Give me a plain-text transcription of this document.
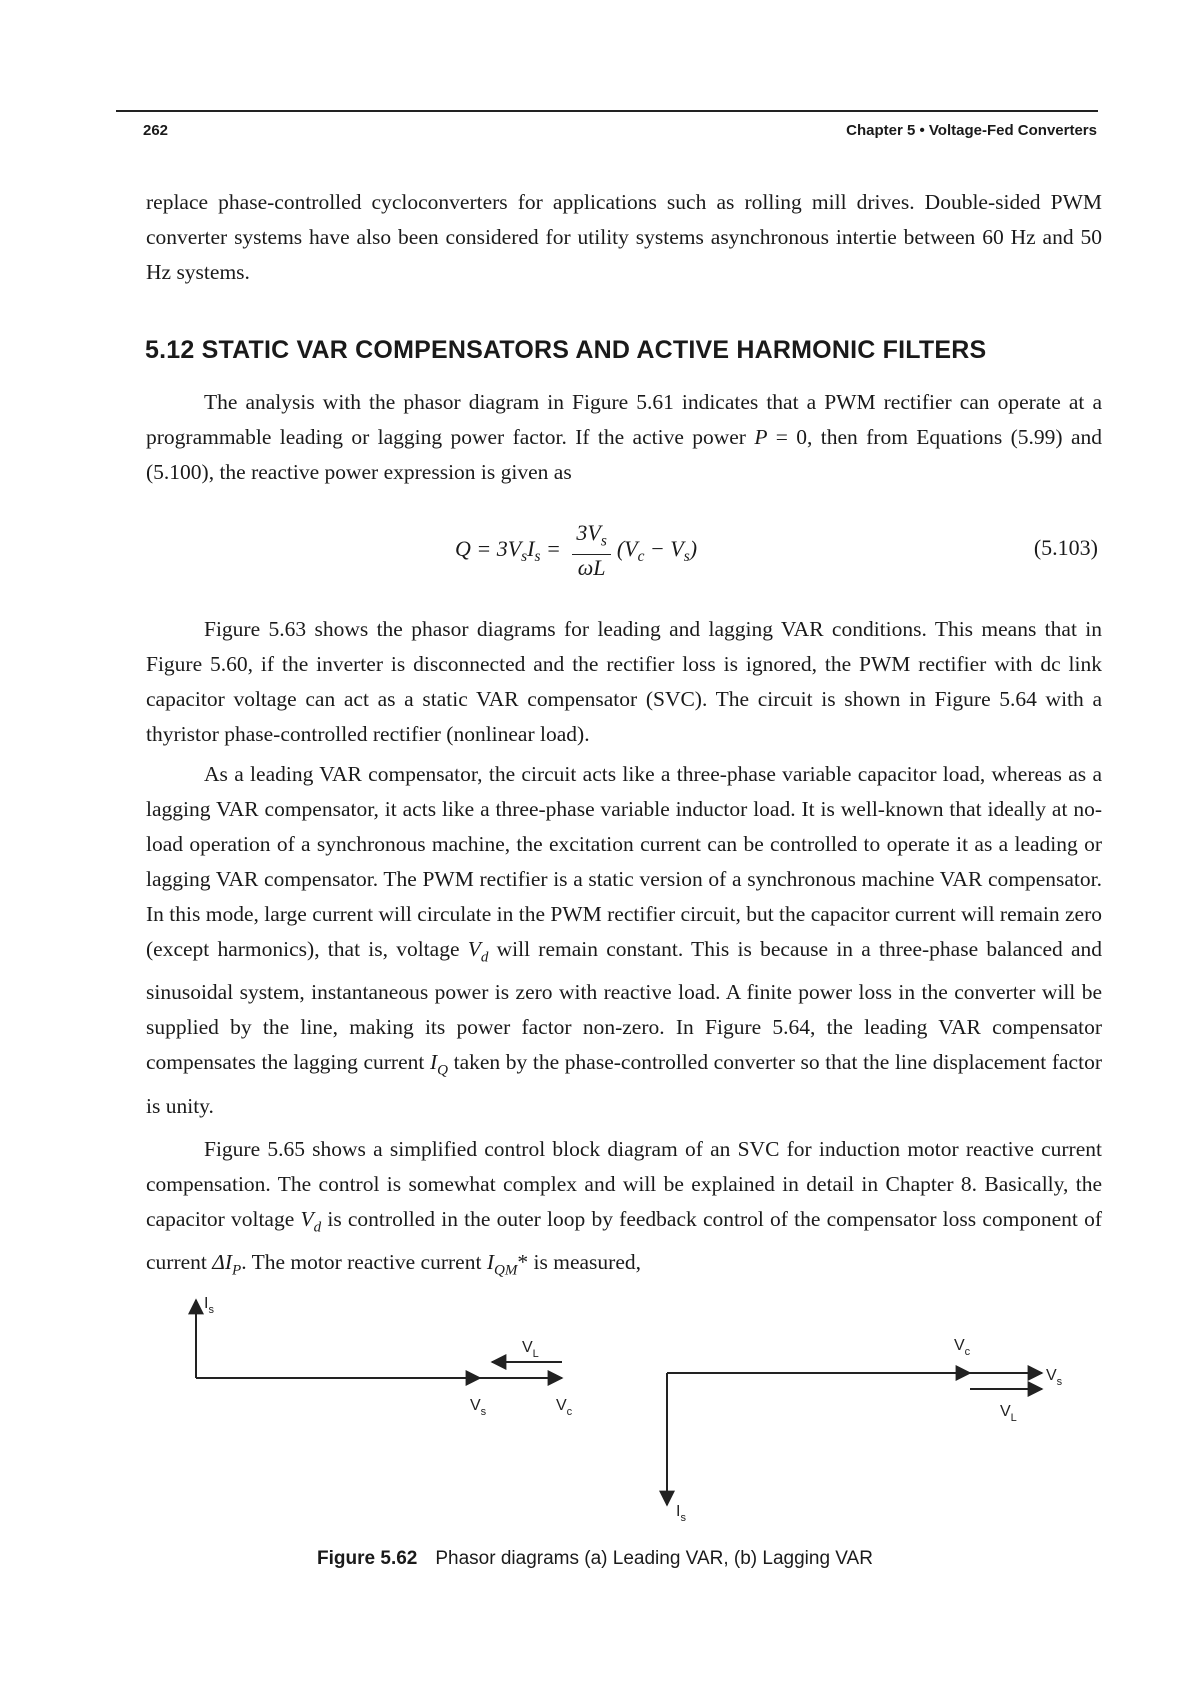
262	Chapter 5 • Voltage-Fed Converters
replace phase-controlled cycloconverters for applications such as rolling mill drives. Double-sided PWM converter systems have also been considered for utility systems asynchronous intertie between 60 Hz and 50 Hz systems.
5.12 STATIC VAR COMPENSATORS AND ACTIVE HARMONIC FILTERS
The analysis with the phasor diagram in Figure 5.61 indicates that a PWM rectifier can operate at a programmable leading or lagging power factor. If the active power P = 0, then from Equations (5.99) and (5.100), the reactive power expression is given as
$Q = 3V_sI_s = \frac{3V_s}{\omega L} (V_c - V_s)$	(5.103)
Figure 5.63 shows the phasor diagrams for leading and lagging VAR conditions. This means that in Figure 5.60, if the inverter is disconnected and the rectifier loss is ignored, the PWM rectifier with dc link capacitor voltage can act as a static VAR compensator (SVC). The circuit is shown in Figure 5.64 with a thyristor phase-controlled rectifier (nonlinear load).
As a leading VAR compensator, the circuit acts like a three-phase variable capacitor load, whereas as a lagging VAR compensator, it acts like a three-phase variable inductor load. It is well-known that ideally at no-load operation of a synchronous machine, the excitation current can be controlled to operate it as a leading or lagging VAR compensator. The PWM rectifier is a static version of a synchronous machine VAR compensator. In this mode, large current will circulate in the PWM rectifier circuit, but the capacitor current will remain zero (except harmonics), that is, voltage $V_d$ will remain constant. This is because in a three-phase balanced and sinusoidal system, instantaneous power is zero with reactive load. A finite power loss in the converter will be supplied by the line, making its power factor non-zero. In Figure 5.64, the leading VAR compensator compensates the lagging current $I_Q$ taken by the phase-controlled converter so that the line displacement factor is unity.
Figure 5.65 shows a simplified control block diagram of an SVC for induction motor reactive current compensation. The control is somewhat complex and will be explained in detail in Chapter 8. Basically, the capacitor voltage $V_d$ is controlled in the outer loop by feedback control of the compensator loss component of current $\Delta I_P$. The motor reactive current $I_{QM}*$ is measured,
$I_s$
$V_L$
$V_s$	$V_c$
$V_c$
$V_s$
$V_L$
$I_s$
Figure 5.62 Phasor diagrams (a) Leading VAR, (b) Lagging VAR
